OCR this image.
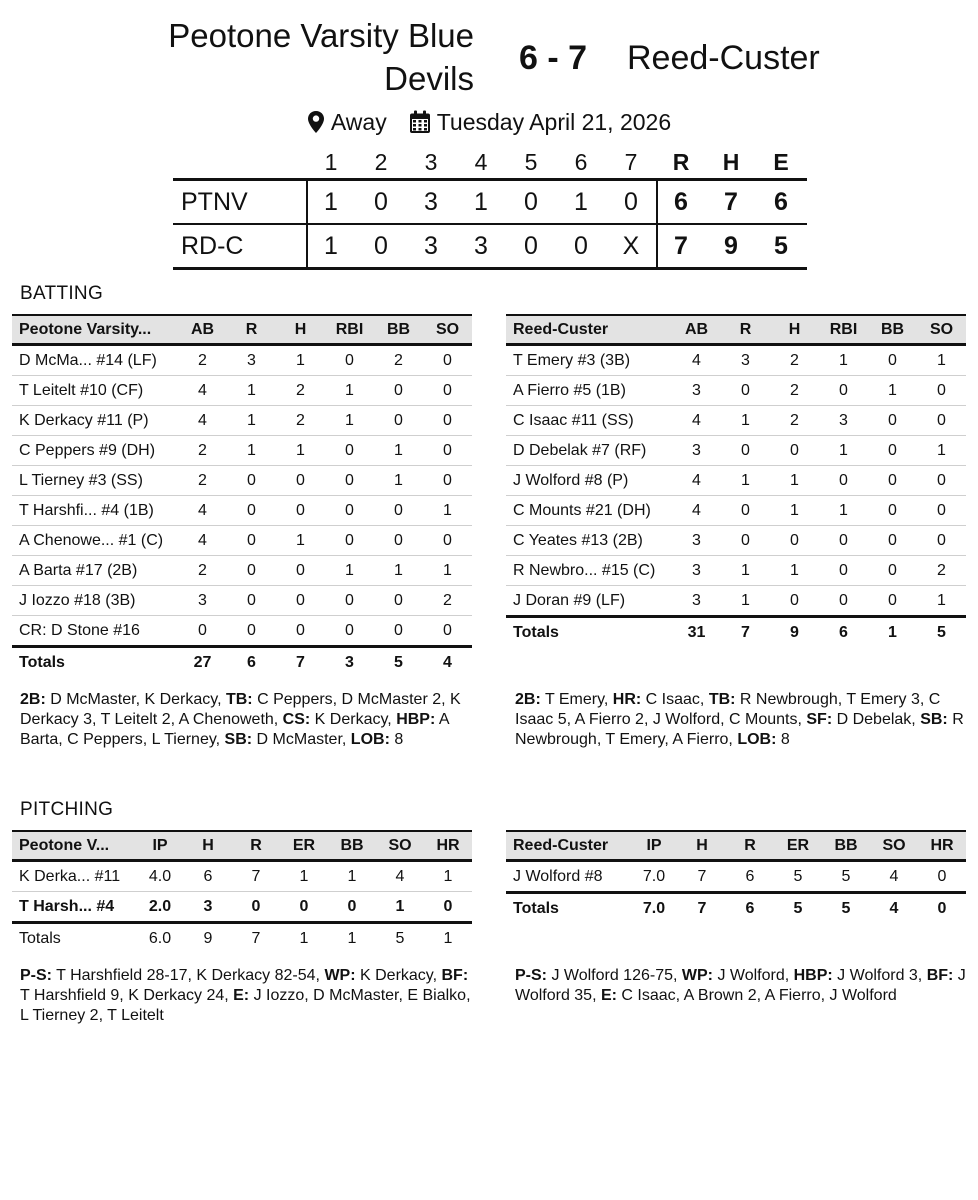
Peotone Varsity Blue Devils
6 - 7	Reed-Custer
Away Tuesday April 21, 2026
1	2	3	4	5	6	7	R	H	E
PTNV	1	0	3	1	0	1	0	6	7	6
RD-C	1	0	3	3	0	0	X	7	9	5
BATTING
Peotone Varsity...	AB	R	H	RBI	BB	SO
D McMa... #14 (LF)	2	3	1	0	2	0
T Leitelt #10 (CF)	4	1	2	1	0	0
K Derkacy #11 (P)	4	1	2	1	0	0
C Peppers #9 (DH)	2	1	1	0	1	0
L Tierney #3 (SS)	2	0	0	0	1	0
T Harshfi... #4 (1B)	4	0	0	0	0	1
A Chenowe... #1 (C)	4	0	1	0	0	0
A Barta #17 (2B)	2	0	0	1	1	1
J Iozzo #18 (3B)	3	0	0	0	0	2
CR: D Stone #16	0	0	0	0	0	0
Totals	27	6	7	3	5	4
Reed-Custer	AB	R	H	RBI	BB	SO
T Emery #3 (3B)	4	3	2	1	0	1
A Fierro #5 (1B)	3	0	2	0	1	0
C Isaac #11 (SS)	4	1	2	3	0	0
D Debelak #7 (RF)	3	0	0	1	0	1
J Wolford #8 (P)	4	1	1	0	0	0
C Mounts #21 (DH)	4	0	1	1	0	0
C Yeates #13 (2B)	3	0	0	0	0	0
R Newbro... #15 (C)	3	1	1	0	0	2
J Doran #9 (LF)	3	1	0	0	0	1
Totals	31	7	9	6	1	5
2B: D McMaster, K Derkacy, TB: C Peppers, D McMaster 2, K Derkacy 3, T Leitelt 2, A Chenoweth, CS: K Derkacy, HBP: A Barta, C Peppers, L Tierney, SB: D McMaster, LOB: 8
2B: T Emery, HR: C Isaac, TB: R Newbrough, T Emery 3, C Isaac 5, A Fierro 2, J Wolford, C Mounts, SF: D Debelak, SB: R Newbrough, T Emery, A Fierro, LOB: 8
PITCHING
Peotone V...	IP	H	R	ER	BB	SO	HR
K Derka... #11	4.0	6	7	1	1	4	1
T Harsh... #4	2.0	3	0	0	0	1	0
Totals	6.0	9	7	1	1	5	1
Reed-Custer	IP	H	R	ER	BB	SO	HR
J Wolford #8	7.0	7	6	5	5	4	0
Totals	7.0	7	6	5	5	4	0
P-S: T Harshfield 28-17, K Derkacy 82-54, WP: K Derkacy, BF: T Harshfield 9, K Derkacy 24, E: J Iozzo, D McMaster, E Bialko, L Tierney 2, T Leitelt
P-S: J Wolford 126-75, WP: J Wolford, HBP: J Wolford 3, BF: J Wolford 35, E: C Isaac, A Brown 2, A Fierro, J Wolford
